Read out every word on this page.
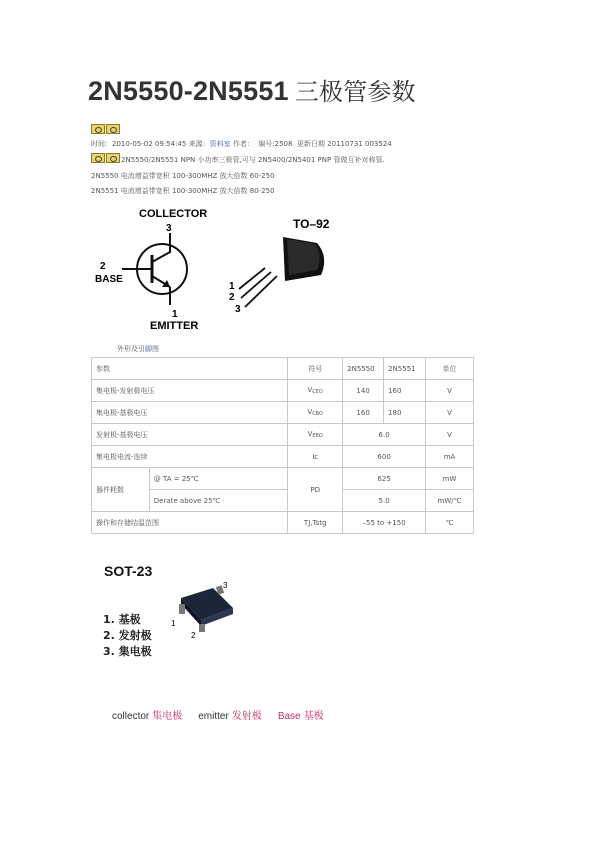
2N5550-2N5551 三极管参数
时间：2010-05-02 09:54:45 来源：资料室 作者： 编号:2508 更新日期 20110731 003524
2N5550/2N5551 NPN 小功率三极管,可与 2N5400/2N5401 PNP 管做互补对称管.
2N5550 电流增益带宽积 100-300MHZ 放大倍数 60-250
2N5551 电流增益带宽积 100-300MHZ 放大倍数 80-250
COLLECTOR
3
2
BASE
1
EMITTER
TO–92
1
2
3
外形及引脚图
参数		符号	2N5550	2N5551	单位
集电极-发射极电压		$V_{CEO}$	140	160	V
集电极-基极电压		$V_{CBO}$	160	180	V
发射极-基极电压		$V_{EBO}$	6.0		V
集电极电流-连续		Ic	600		mA
器件耗散	@ TA = 25℃	PD	625		mW
	Derate above 25℃		5.0		mW/℃
操作和存储结温范围		TJ,Tstg	–55 to +150		℃
SOT-23
3
1
2
1. 基极
2. 发射极
3. 集电极
collector 集电极 emitter 发射极 Base 基极
